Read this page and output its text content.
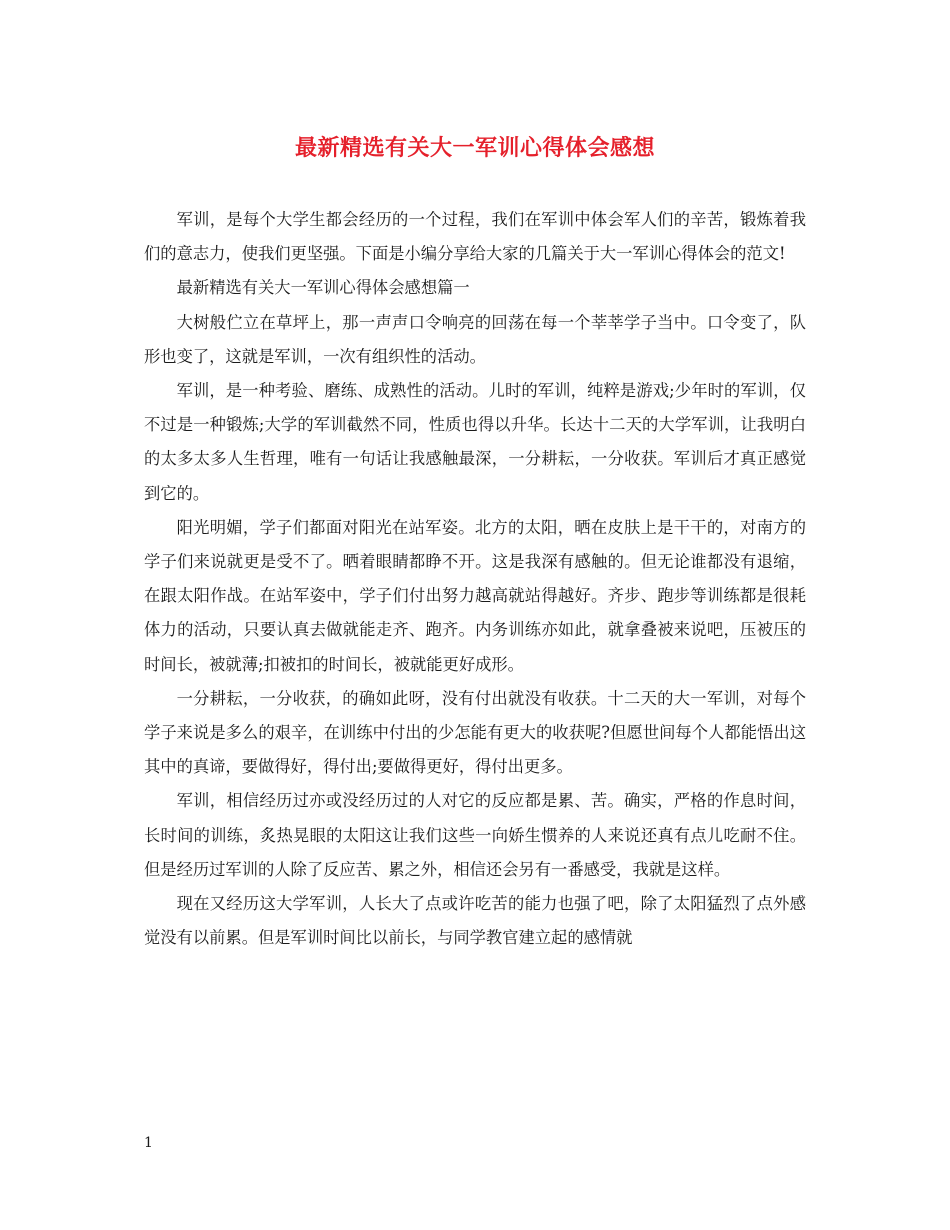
最新精选有关大一军训心得体会感想

军训，是每个大学生都会经历的一个过程，我们在军训中体会军人们的辛苦，锻炼着我们的意志力，使我们更坚强。下面是小编分享给大家的几篇关于大一军训心得体会的范文!

最新精选有关大一军训心得体会感想篇一

大树般伫立在草坪上，那一声声口令响亮的回荡在每一个莘莘学子当中。口令变了，队形也变了，这就是军训，一次有组织性的活动。

军训，是一种考验、磨练、成熟性的活动。儿时的军训，纯粹是游戏;少年时的军训，仅不过是一种锻炼;大学的军训截然不同，性质也得以升华。长达十二天的大学军训，让我明白的太多太多人生哲理，唯有一句话让我感触最深，一分耕耘，一分收获。军训后才真正感觉到它的。

阳光明媚，学子们都面对阳光在站军姿。北方的太阳，晒在皮肤上是干干的，对南方的学子们来说就更是受不了。晒着眼睛都睁不开。这是我深有感触的。但无论谁都没有退缩，在跟太阳作战。在站军姿中，学子们付出努力越高就站得越好。齐步、跑步等训练都是很耗体力的活动，只要认真去做就能走齐、跑齐。内务训练亦如此，就拿叠被来说吧，压被压的时间长，被就薄;扣被扣的时间长，被就能更好成形。

一分耕耘，一分收获，的确如此呀，没有付出就没有收获。十二天的大一军训，对每个学子来说是多么的艰辛，在训练中付出的少怎能有更大的收获呢?但愿世间每个人都能悟出这其中的真谛，要做得好，得付出;要做得更好，得付出更多。

军训，相信经历过亦或没经历过的人对它的反应都是累、苦。确实，严格的作息时间，长时间的训练，炙热晃眼的太阳这让我们这些一向娇生惯养的人来说还真有点儿吃耐不住。但是经历过军训的人除了反应苦、累之外，相信还会另有一番感受，我就是这样。

现在又经历这大学军训，人长大了点或许吃苦的能力也强了吧，除了太阳猛烈了点外感觉没有以前累。但是军训时间比以前长，与同学教官建立起的感情就

1
